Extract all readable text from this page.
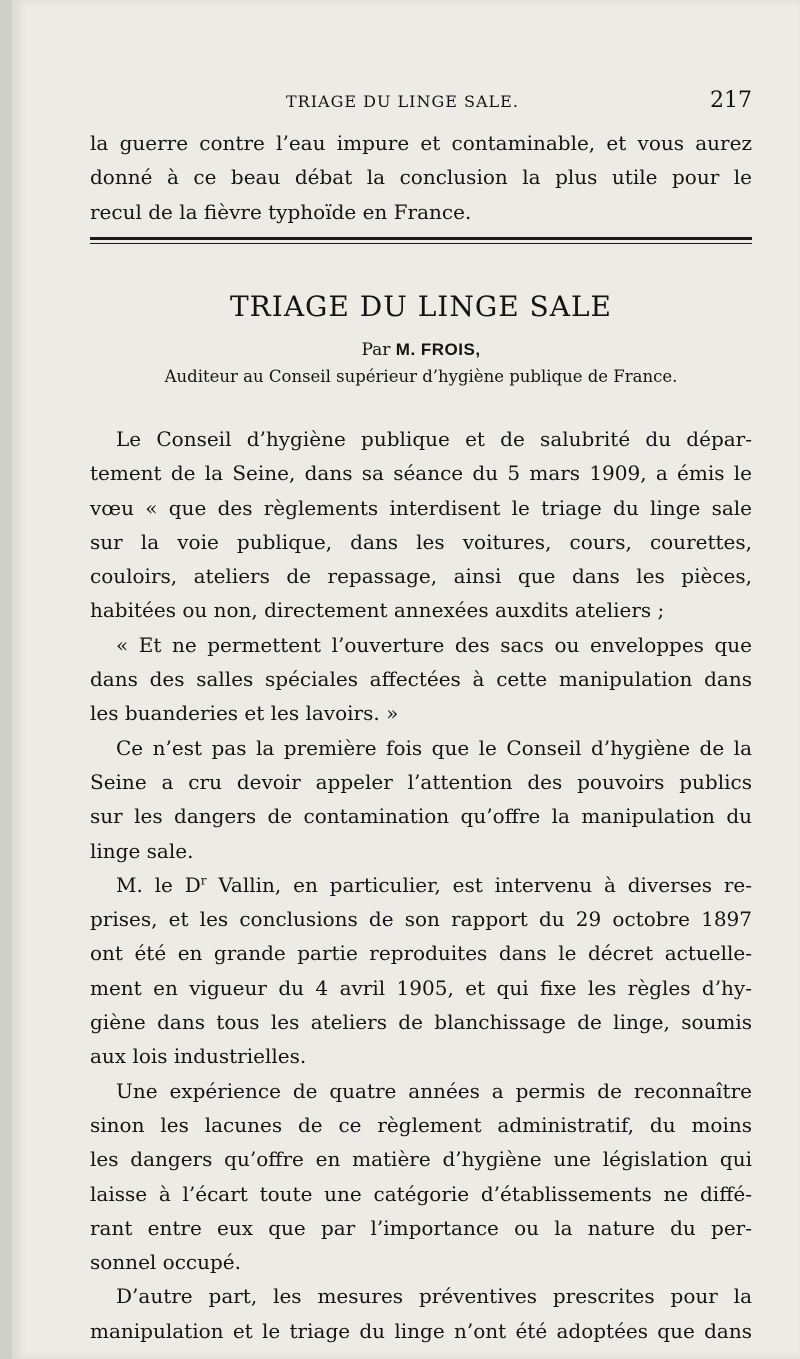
TRIAGE DU LINGE SALE.	217

la guerre contre l’eau impure et contaminable, et vous aurez

donné à ce beau débat la conclusion la plus utile pour le

recul de la fièvre typhoïde en France.

TRIAGE DU LINGE SALE
Par M. FROIS,
Auditeur au Conseil supérieur d’hygiène publique de France.

Le Conseil d’hygiène publique et de salubrité du dépar-

tement de la Seine, dans sa séance du 5 mars 1909, a émis le

vœu « que des règlements interdisent le triage du linge sale

sur la voie publique, dans les voitures, cours, courettes,

couloirs, ateliers de repassage, ainsi que dans les pièces,

habitées ou non, directement annexées auxdits ateliers ;

« Et ne permettent l’ouverture des sacs ou enveloppes que

dans des salles spéciales affectées à cette manipulation dans

les buanderies et les lavoirs. »

Ce n’est pas la première fois que le Conseil d’hygiène de la

Seine a cru devoir appeler l’attention des pouvoirs publics

sur les dangers de contamination qu’offre la manipulation du

linge sale.

M. le $D^r$ Vallin, en particulier, est intervenu à diverses re-

prises, et les conclusions de son rapport du 29 octobre 1897

ont été en grande partie reproduites dans le décret actuelle-

ment en vigueur du 4 avril 1905, et qui fixe les règles d’hy-

giène dans tous les ateliers de blanchissage de linge, soumis

aux lois industrielles.

Une expérience de quatre années a permis de reconnaître

sinon les lacunes de ce règlement administratif, du moins

les dangers qu’offre en matière d’hygiène une législation qui

laisse à l’écart toute une catégorie d’établissements ne diffé-

rant entre eux que par l’importance ou la nature du per-

sonnel occupé.

D’autre part, les mesures préventives prescrites pour la

manipulation et le triage du linge n’ont été adoptées que dans
